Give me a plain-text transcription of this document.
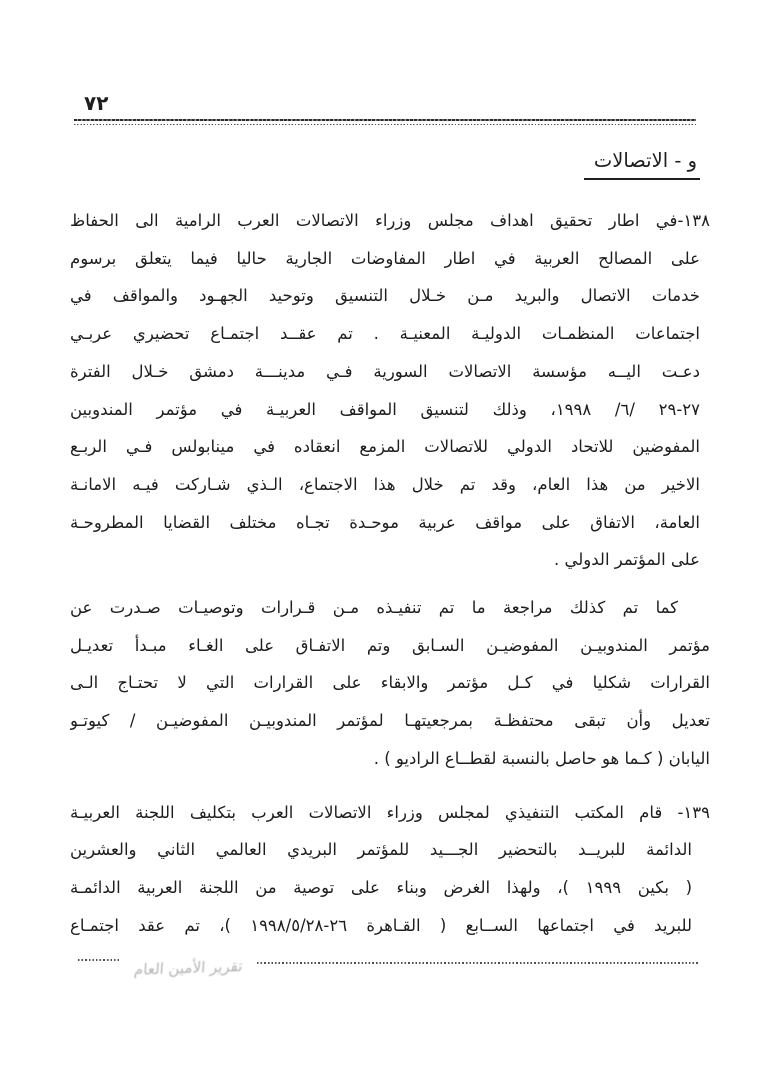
٧٢
و - الاتصالات
١٣٨-في اطار تحقيق اهداف مجلس وزراء الاتصالات العرب الرامية الى الحفاظ
على المصالح العربية في اطار المفاوضات الجارية حاليا فيما يتعلق برسوم
خدمات الاتصال والبريد مـن خـلال التنسيق وتوحيد الجهـود والمواقف في
اجتماعات المنظمـات الدوليـة المعنيـة . تم عقــد اجتمـاع تحضيري عربـي
دعـت اليــه مؤسسة الاتصالات السورية فـي مدينـــة دمشق خـلال الفترة
٢٧-٢٩ /٦/ ١٩٩٨، وذلك لتنسيق المواقف العربيـة في مؤتمر المندوبين
المفوضين للاتحاد الدولي للاتصالات المزمع انعقاده في مينابولس فـي الربـع
الاخير من هذا العام، وقد تم خلال هذا الاجتماع، الـذي شـاركت فيـه الامانـة
العامة، الاتفاق على مواقف عربية موحـدة تجـاه مختلف القضايا المطروحـة
على المؤتمر الدولي .
كما تم كذلك مراجعة ما تم تنفيـذه مـن قـرارات وتوصيـات صـدرت عن
مؤتمر المندوبيـن المفوضيـن السـابق وتم الاتفـاق على الغـاء مبـدأ تعديـل
القرارات شكليا في كـل مؤتمر والابقاء على القرارات التي لا تحتـاج الـى
تعديل وأن تبقى محتفظـة بمرجعيتهـا لمؤتمر المندوبيـن المفوضيـن / كيوتـو
اليابان ( كـما هو حاصل بالنسبة لقطــاع الراديو ) .
١٣٩- قام المكتب التنفيذي لمجلس وزراء الاتصالات العرب بتكليف اللجنة العربيـة
الدائمة للبريــد بالتحضير الجـــيد للمؤتمر البريدي العالمي الثاني والعشرين
( بكين ١٩٩٩ )، ولهذا الغرض وبناء على توصية من اللجنة العربية الدائمـة
للبريد في اجتماعها الســابع ( القـاهرة ٢٦-٢٨/‏٥/‏١٩٩٨ )، تم عقد اجتمـاع
تقرير الأمين العام
